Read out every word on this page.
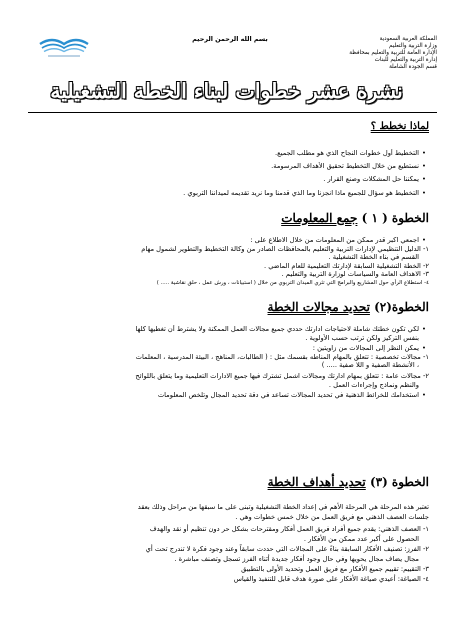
المملكة العربية السعودية
وزارة التربية والتعليم
الإدارة العامة للتربية والتعليم بمحافظة
إدارة التربية والتعليم للبنات
قسم الجودة الشاملة
بسم الله الرحمن الرحيم
نشرة عشر خطوات لبناء الخطة التشغيلية
لماذا نخطط ؟
• التخطيط أول خطوات النجاح الذي هو مطلب الجميع.
• نستطيع من خلال التخطيط تحقيق الأهداف المرسومة.
• يمكننا حل المشكلات وصنع القرار .
• التخطيط هو سؤال للجميع ماذا انجزنا وما الذي قدمنا وما نريد تقديمه لميداننا التربوي .
الخطوة ( ١ ) جمع المعلومات
• اجمعي اكبر قدر ممكن من المعلومات من خلال الاطلاع على :
١- الدليل التنظيمي لإدارات التربية والتعليم بالمحافظات الصادر من وكالة التخطيط والتطوير لشمول مهام
القسم في بناء الخطة التشغيلية .
٢- الخطة التشغيلية السابقة لإدارتك التعليمية للعام الماضي .
٣- الاهداف العامة والسياسات لوزارة التربية والتعليم .
٤- استطلاع الرأي حول المشاريع والبرامج التي تثري الميدان التربوي من خلال ( استبيانات ، ورش عمل ، حلق نقاشية ..... )
الخطوة(٢) تحديد مجالات الخطة
• لكي تكون خطتك شاملة لاحتياجات ادارتك حددي جميع مجالات العمل الممكنة ولا يشترط أن تغطيها كلها
بنفس التركيز ولكن ترتب حسب الأولوية .
• يمكن النظر إلى المجالات من زاويتين :
١- مجالات تخصصية : تتعلق بالمهام المناطه بقسمك مثل : ( الطالبات، المناهج ، البيئة المدرسية ، المعلمات
، الأنشطة الصفية و اللا صفية ..... )
٢- مجالات عامة : تتعلق بمهام ادارتك ومجالات اشمل تشترك فيها جميع الادارات التعليمية وما يتعلق باللوائح
والنظم ونماذج وإجراءات العمل .
• استخدامك للخرائط الذهنية في تحديد المجالات تساعد في دقة تحديد المجال وتلخص المعلومات
الخطوة (٣) تحديد أهداف الخطة
تعتبر هذه المرحلة هي المرحلة الأهم في إعداد الخطة التشغيلية وتبنى على ما سبقها من مراحل وذلك بعقد
جلسات العصف الذهني مع فريق العمل من خلال خمس خطوات وهي .
١- العصف الذهني: يقدم جميع أفراد فريق العمل أفكار ومقترحات بشكل حر دون تنظيم أو نقد والهدف
الحصول على أكبر عدد ممكن من الأفكار .
٢- الفرز: تصنيف الأفكار السابقة بناءً على المجالات التي حددت سابقاً وعند وجود فكرة لا تندرج تحت أي
مجال يضاف مجال يحويها وفي حال وجود أفكار جديدة أثناء الفرز تسجل وتصنف مباشرة .
٣- التقييم: تقييم جميع الأفكار مع فريق العمل وتحديد الأولى بالتطبيق
٤- الصياغة: أعيدي صياغة الأفكار على صورة هدف قابل للتنفيذ والقياس
